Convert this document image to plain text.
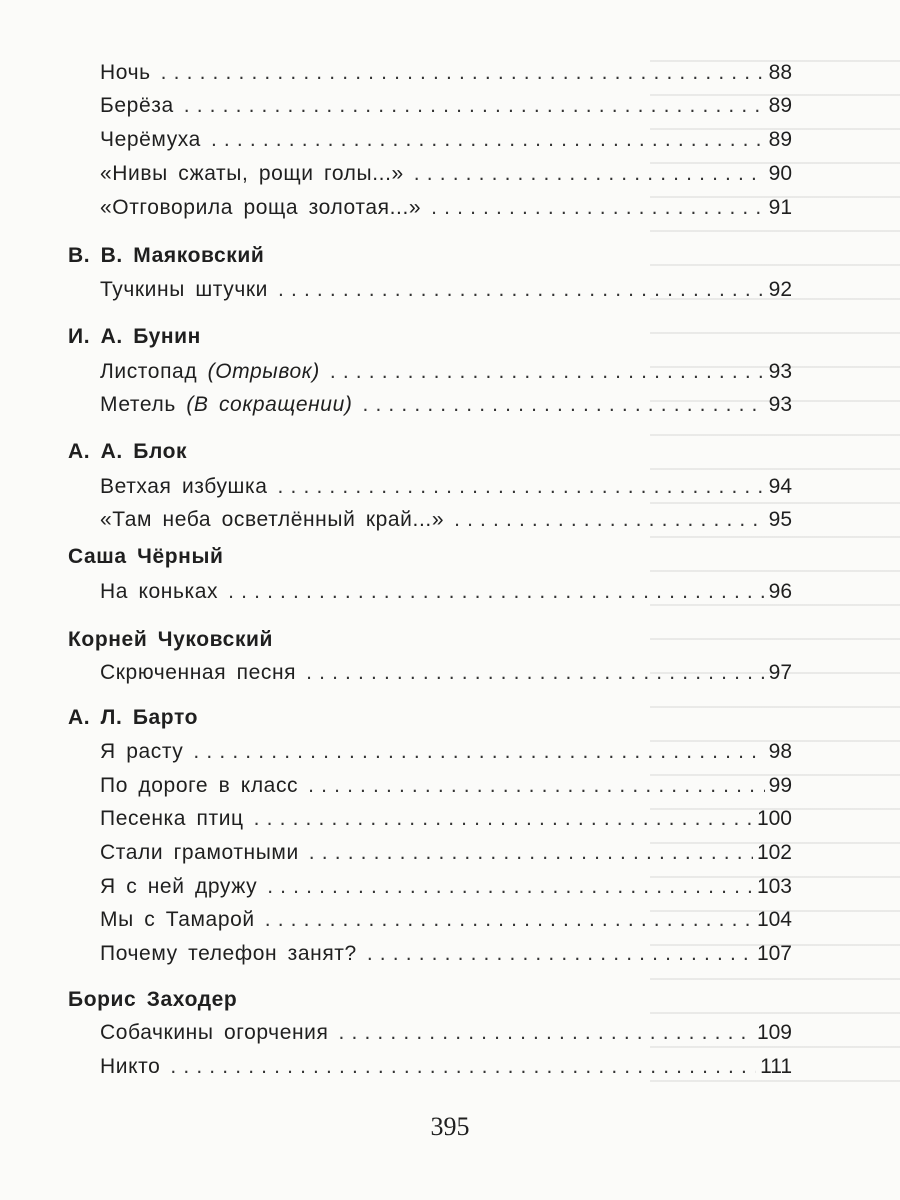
Ночь . . .	88
Берёза . . .	89
Черёмуха . . .	89
«Нивы сжаты, рощи голы...» . . .	90
«Отговорила роща золотая...» . . .	91
В. В. Маяковский
Тучкины штучки . . .	92
И. А. Бунин
Листопад (Отрывок) . . .	93
Метель (В сокращении) . . .	93
А. А. Блок
Ветхая избушка . . .	94
«Там неба осветлённый край...» . . .	95
Саша Чёрный
На коньках . . .	96
Корней Чуковский
Скрюченная песня . . .	97
А. Л. Барто
Я расту . . .	98
По дороге в класс . . .	99
Песенка птиц . . .	100
Стали грамотными . . .	102
Я с ней дружу . . .	103
Мы с Тамарой . . .	104
Почему телефон занят? . . .	107
Борис Заходер
Собачкины огорчения . . .	109
Никто . . .	111
395
